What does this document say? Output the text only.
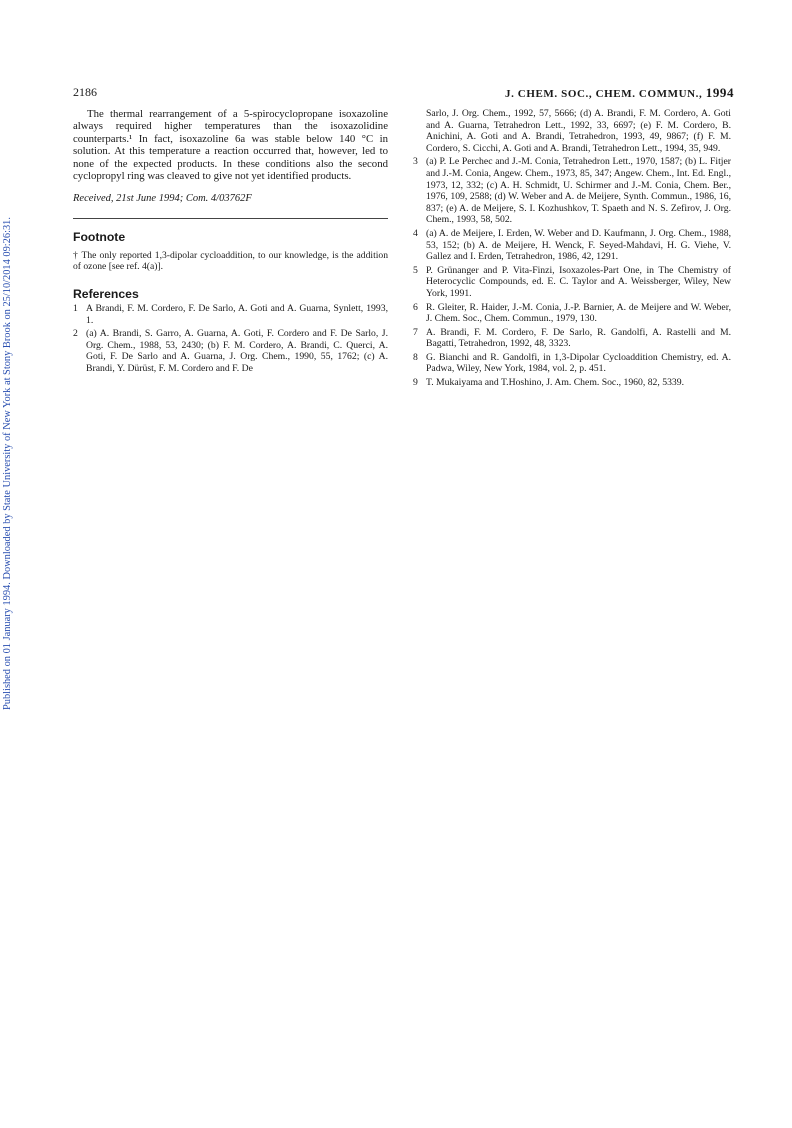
Published on 01 January 1994. Downloaded by State University of New York at Stony Brook on 25/10/2014 09:26:31.
2186	J. CHEM. SOC., CHEM. COMMUN., 1994

The thermal rearrangement of a 5-spirocyclopropane isoxazoline always required higher temperatures than the isoxazolidine counterparts.¹ In fact, isoxazoline 6a was stable below 140 °C in solution. At this temperature a reaction occurred that, however, led to none of the expected products. In these conditions also the second cyclopropyl ring was cleaved to give not yet identified products.

Received, 21st June 1994; Com. 4/03762F

Footnote

† The only reported 1,3-dipolar cycloaddition, to our knowledge, is the addition of ozone [see ref. 4(a)].

References
1 A Brandi, F. M. Cordero, F. De Sarlo, A. Goti and A. Guarna, Synlett, 1993, 1.
2 (a) A. Brandi, S. Garro, A. Guarna, A. Goti, F. Cordero and F. De Sarlo, J. Org. Chem., 1988, 53, 2430; (b) F. M. Cordero, A. Brandi, C. Querci, A. Goti, F. De Sarlo and A. Guarna, J. Org. Chem., 1990, 55, 1762; (c) A. Brandi, Y. Dürüst, F. M. Cordero and F. De
Sarlo, J. Org. Chem., 1992, 57, 5666; (d) A. Brandi, F. M. Cordero, A. Goti and A. Guarna, Tetrahedron Lett., 1992, 33, 6697; (e) F. M. Cordero, B. Anichini, A. Goti and A. Brandi, Tetrahedron, 1993, 49, 9867; (f) F. M. Cordero, S. Cicchi, A. Goti and A. Brandi, Tetrahedron Lett., 1994, 35, 949.
3 (a) P. Le Perchec and J.-M. Conia, Tetrahedron Lett., 1970, 1587; (b) L. Fitjer and J.-M. Conia, Angew. Chem., 1973, 85, 347; Angew. Chem., Int. Ed. Engl., 1973, 12, 332; (c) A. H. Schmidt, U. Schirmer and J.-M. Conia, Chem. Ber., 1976, 109, 2588; (d) W. Weber and A. de Meijere, Synth. Commun., 1986, 16, 837; (e) A. de Meijere, S. I. Kozhushkov, T. Spaeth and N. S. Zefirov, J. Org. Chem., 1993, 58, 502.
4 (a) A. de Meijere, I. Erden, W. Weber and D. Kaufmann, J. Org. Chem., 1988, 53, 152; (b) A. de Meijere, H. Wenck, F. Seyed-Mahdavi, H. G. Viehe, V. Gallez and I. Erden, Tetrahedron, 1986, 42, 1291.
5 P. Grünanger and P. Vita-Finzi, Isoxazoles-Part One, in The Chemistry of Heterocyclic Compounds, ed. E. C. Taylor and A. Weissberger, Wiley, New York, 1991.
6 R. Gleiter, R. Haider, J.-M. Conia, J.-P. Barnier, A. de Meijere and W. Weber, J. Chem. Soc., Chem. Commun., 1979, 130.
7 A. Brandi, F. M. Cordero, F. De Sarlo, R. Gandolfi, A. Rastelli and M. Bagatti, Tetrahedron, 1992, 48, 3323.
8 G. Bianchi and R. Gandolfi, in 1,3-Dipolar Cycloaddition Chemistry, ed. A. Padwa, Wiley, New York, 1984, vol. 2, p. 451.
9 T. Mukaiyama and T.Hoshino, J. Am. Chem. Soc., 1960, 82, 5339.
